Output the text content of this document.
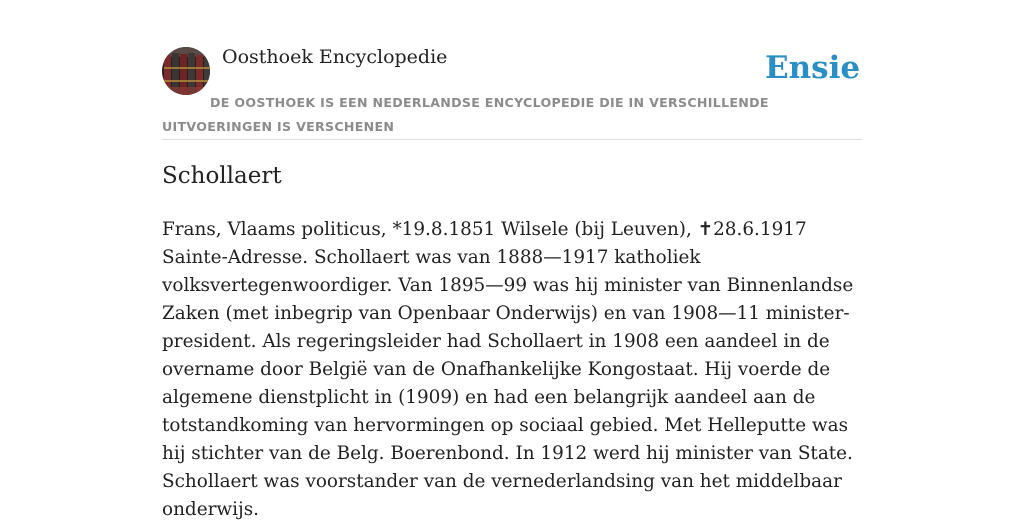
Oosthoek Encyclopedie	Ensie

DE OOSTHOEK IS EEN NEDERLANDSE ENCYCLOPEDIE DIE IN VERSCHILLENDE UITVOERINGEN IS VERSCHENEN

Schollaert

Frans, Vlaams politicus, *19.8.1851 Wilsele (bij Leuven), ✝28.6.1917 Sainte-Adresse. Schollaert was van 1888—1917 katholiek volksvertegenwoordiger. Van 1895—99 was hij minister van Binnenlandse Zaken (met inbegrip van Openbaar Onderwijs) en van 1908—11 minister-president. Als regeringsleider had Schollaert in 1908 een aandeel in de overname door België van de Onafhankelijke Kongostaat. Hij voerde de algemene dienstplicht in (1909) en had een belangrijk aandeel aan de totstandkoming van hervormingen op sociaal gebied. Met Helleputte was hij stichter van de Belg. Boerenbond. In 1912 werd hij minister van State. Schollaert was voorstander van de vernederlandsing van het middelbaar onderwijs.
